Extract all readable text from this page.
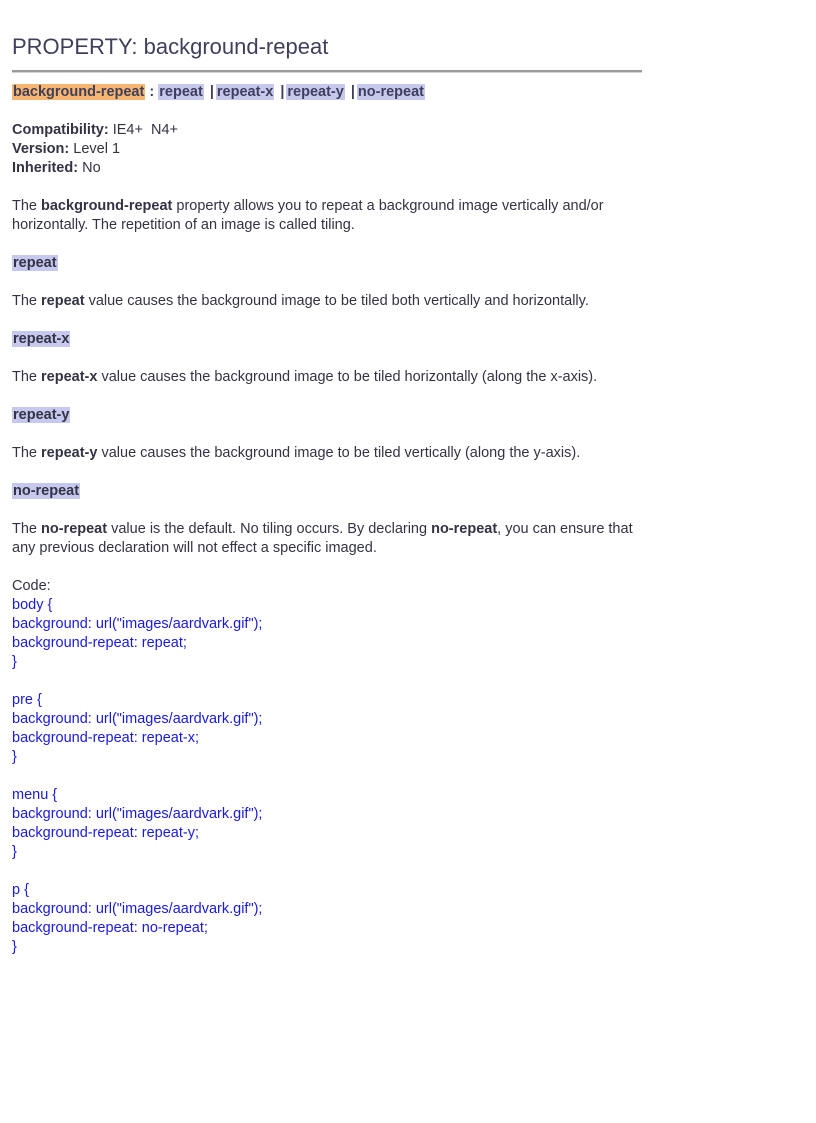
PROPERTY: background-repeat
background-repeat : repeat | repeat-x | repeat-y | no-repeat
Compatibility: IE4+  N4+
Version: Level 1
Inherited: No

The background-repeat property allows you to repeat a background image vertically and/or horizontally. The repetition of an image is called tiling.

repeat

The repeat value causes the background image to be tiled both vertically and horizontally.

repeat-x

The repeat-x value causes the background image to be tiled horizontally (along the x-axis).

repeat-y

The repeat-y value causes the background image to be tiled vertically (along the y-axis).

no-repeat

The no-repeat value is the default. No tiling occurs. By declaring no-repeat, you can ensure that any previous declaration will not effect a specific imaged.

Code:
body {
background: url("images/aardvark.gif");
background-repeat: repeat;
}
pre {
background: url("images/aardvark.gif");
background-repeat: repeat-x;
}
menu {
background: url("images/aardvark.gif");
background-repeat: repeat-y;
}
p {
background: url("images/aardvark.gif");
background-repeat: no-repeat;
}
